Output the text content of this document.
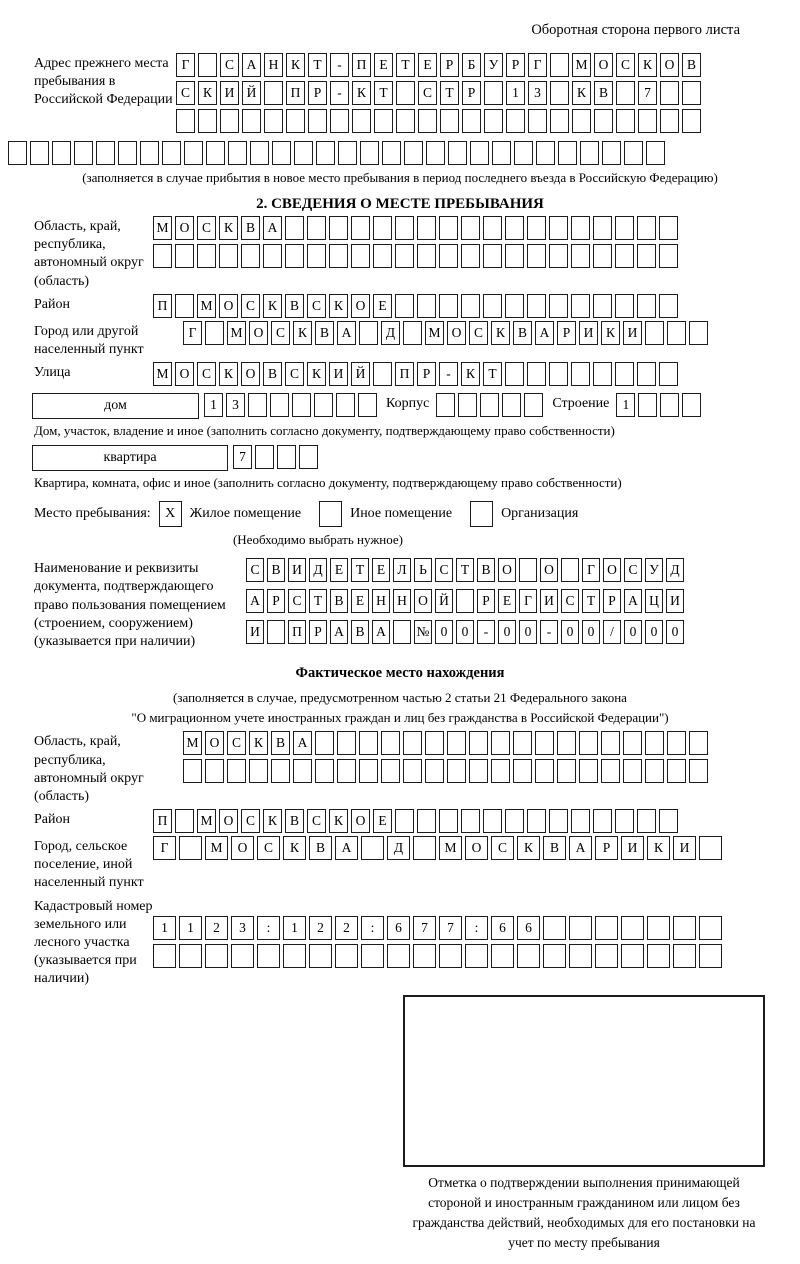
Оборотная сторона первого листа
Адрес прежнего места пребывания в Российской Федерации
Г	С А Н К Т	-	П Е	Т	Е	Р	Б У Р	Г	М О С К О В
С К И Й	П Р	-	К Т	С Т	Р	1	3	К В	7
(заполняется в случае прибытия в новое место пребывания в период последнего въезда в Российскую Федерацию)
2. СВЕДЕНИЯ О МЕСТЕ ПРЕБЫВАНИЯ
Область, край, республика, автономный округ (область)
М О С К В А
Район	П	М О С К В С К О Е
Город или другой населенный пункт
Г	М О С К В А	Д	М О С К В А Р И К И
Улица	М О С К О В С К И Й	П Р	-	К Т
дом	1	3	Корпус	Строение 1
Дом, участок, владение и иное (заполнить согласно документу, подтверждающему право собственности)
квартира	7
Квартира, комната, офис и иное (заполнить согласно документу, подтверждающему право собственности)
Место пребывания:	X	Жилое помещение	Иное помещение	Организация
(Необходимо выбрать нужное)
Наименование и реквизиты документа, подтверждающего право пользования помещением (строением, сооружением) (указывается при наличии)
С В И Д Е Т Е Л Ь С Т В О	О	Г О С У Д
А Р С Т В Е Н Н О Й	Р Е Г И С Т Р А Ц И
И	П Р А В А	№ 0	0	-	0	0	-	0	0	/	0	0	0
Фактическое место нахождения
(заполняется в случае, предусмотренном частью 2 статьи 21 Федерального закона
"О миграционном учете иностранных граждан и лиц без гражданства в Российской Федерации")
Область, край, республика, автономный округ (область)
М О С К В А
Район	П	М О С К В С К О Е
Город, сельское поселение, иной населенный пункт
Г	М	О	С	К	В	А	Д	М	О	С	К	В	А	Р	И	К	И
Кадастровый номер земельного или лесного участка (указывается при наличии)
1	1	2	3	:	1	2	2	:	6	7	7	:	6	6
Отметка о подтверждении выполнения принимающей стороной и иностранным гражданином или лицом без гражданства действий, необходимых для его постановки на учет по месту пребывания
